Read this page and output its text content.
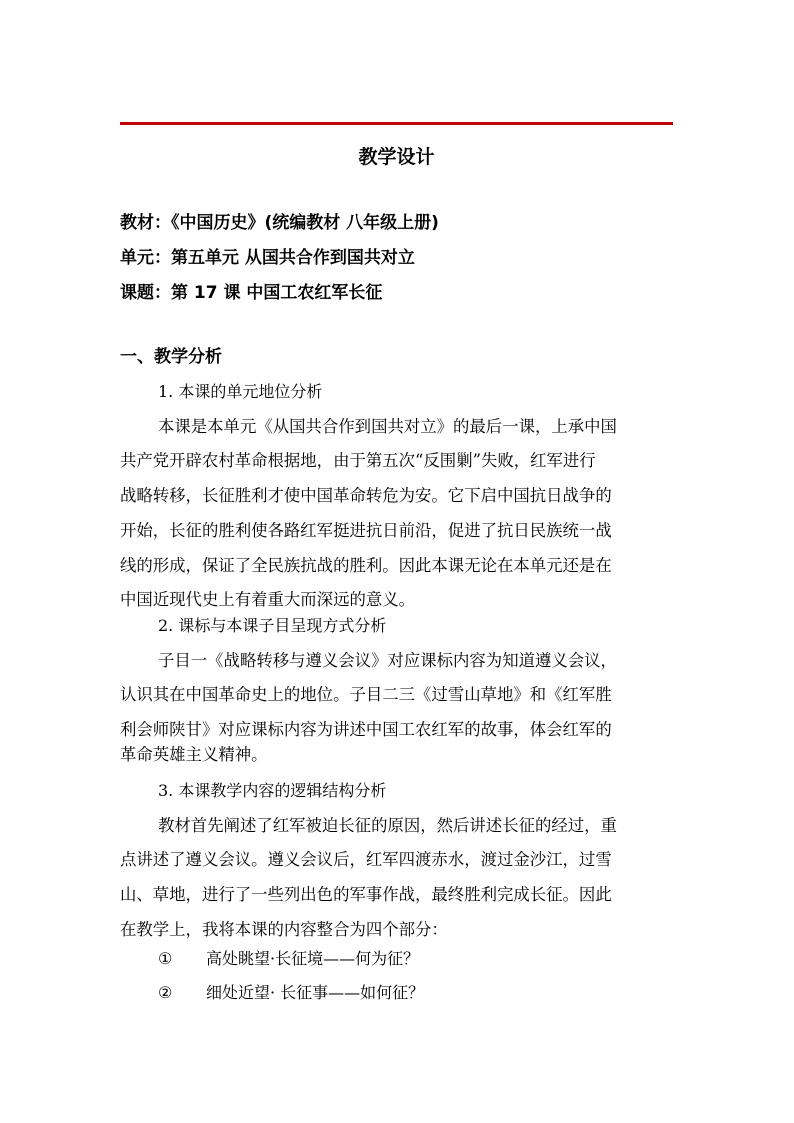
教学设计
教材：《中国历史》(统编教材 八年级上册)
单元：第五单元 从国共合作到国共对立
课题：第 17 课 中国工农红军长征
一、教学分析
1. 本课的单元地位分析
本课是本单元《从国共合作到国共对立》的最后一课，上承中国
共产党开辟农村革命根据地，由于第五次“反围剿”失败，红军进行
战略转移，长征胜利才使中国革命转危为安。它下启中国抗日战争的
开始，长征的胜利使各路红军挺进抗日前沿，促进了抗日民族统一战
线的形成，保证了全民族抗战的胜利。因此本课无论在本单元还是在
中国近现代史上有着重大而深远的意义。
2. 课标与本课子目呈现方式分析
子目一《战略转移与遵义会议》对应课标内容为知道遵义会议，
认识其在中国革命史上的地位。子目二三《过雪山草地》和《红军胜
利会师陕甘》对应课标内容为讲述中国工农红军的故事，体会红军的
革命英雄主义精神。
3. 本课教学内容的逻辑结构分析
教材首先阐述了红军被迫长征的原因，然后讲述长征的经过，重
点讲述了遵义会议。遵义会议后，红军四渡赤水，渡过金沙江，过雪
山、草地，进行了一些列出色的军事作战，最终胜利完成长征。因此
在教学上，我将本课的内容整合为四个部分：
① 高处眺望·长征境——何为征？
② 细处近望· 长征事——如何征？
